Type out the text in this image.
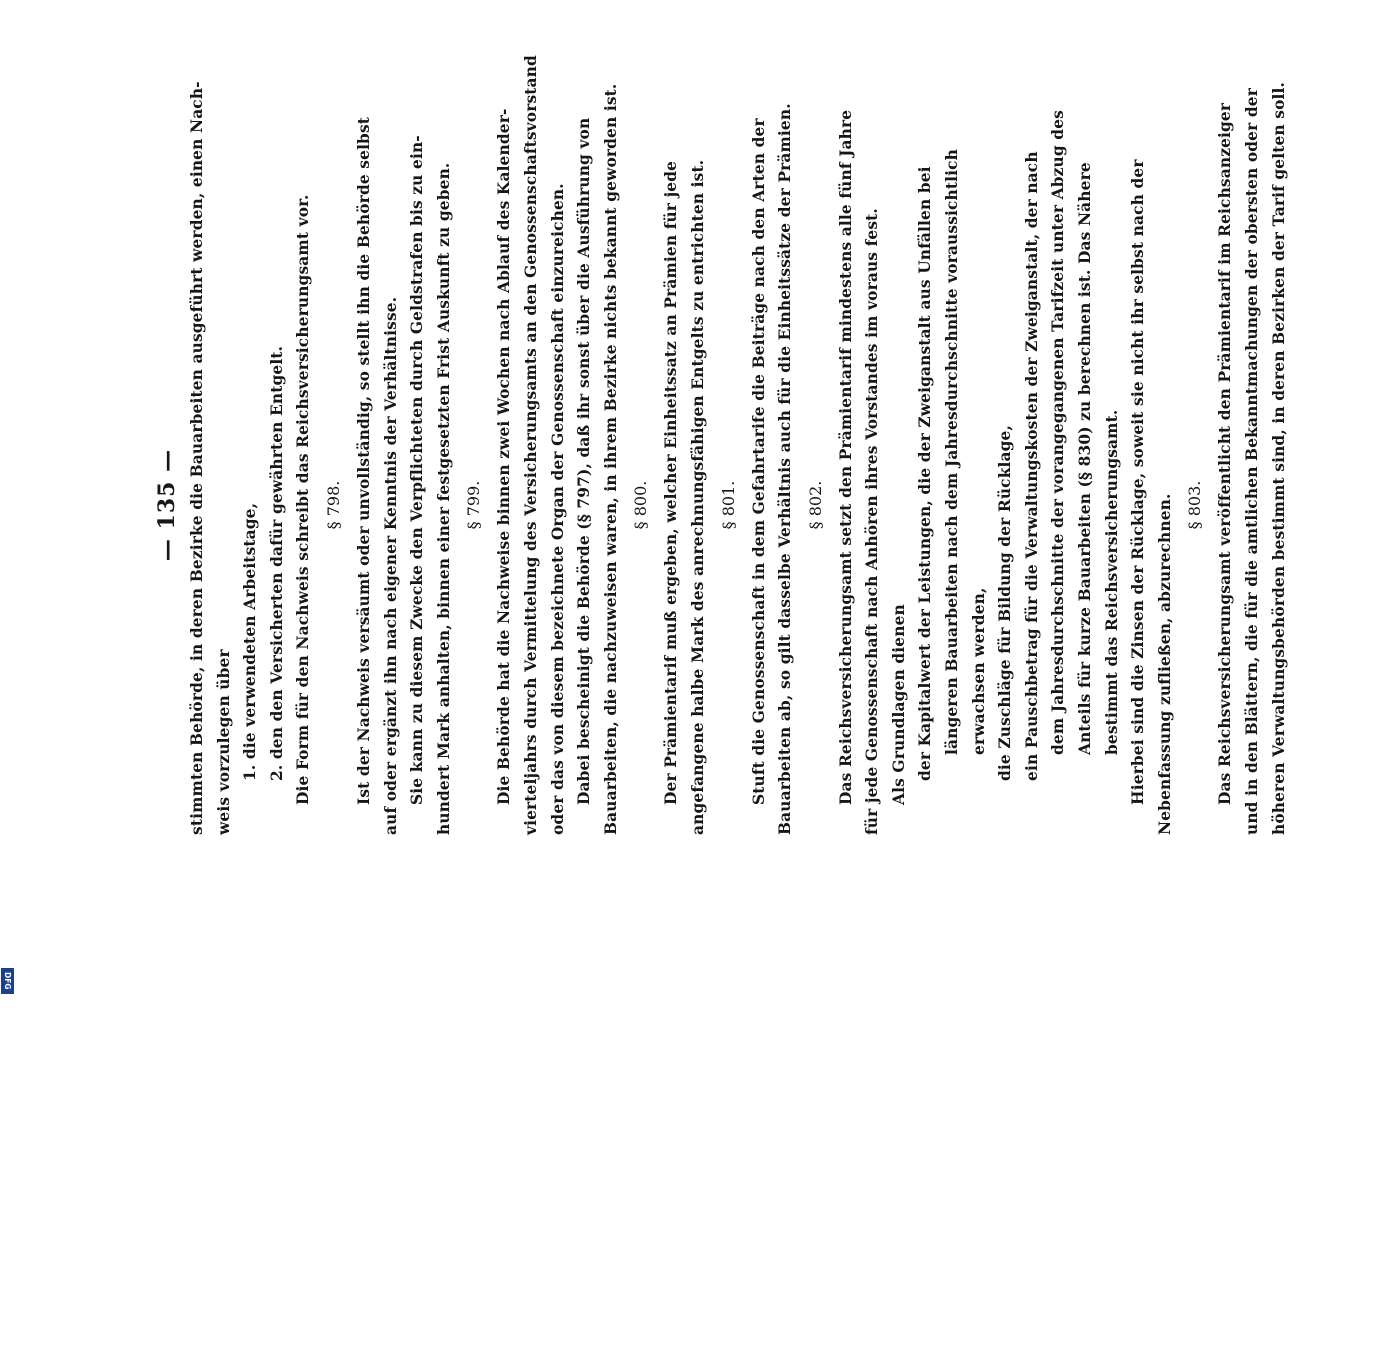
— 135 — stimmten Behörde, in deren Bezirke die Bauarbeiten ausgeführt werden, einen Nach- weis vorzulegen über 1. die verwendeten Arbeitstage, 2. den den Versicherten dafür gewährten Entgelt. Die Form für den Nachweis schreibt das Reichsversicherungsamt vor. § 798. Ist der Nachweis versäumt oder unvollständig, so stellt ihn die Behörde selbst auf oder ergänzt ihn nach eigener Kenntnis der Verhältnisse. Sie kann zu diesem Zwecke den Verpflichteten durch Geldstrafen bis zu ein- hundert Mark anhalten, binnen einer festgesetzten Frist Auskunft zu geben. § 799. Die Behörde hat die Nachweise binnen zwei Wochen nach Ablauf des Kalender- vierteljahrs durch Vermittelung des Versicherungsamts an den Genossenschaftsvorstand oder das von diesem bezeichnete Organ der Genossenschaft einzureichen. Dabei bescheinigt die Behörde (§ 797), daß ihr sonst über die Ausführung von Bauarbeiten, die nachzuweisen waren, in ihrem Bezirke nichts bekannt geworden ist. § 800. Der Prämientarif muß ergeben, welcher Einheitssatz an Prämien für jede angefangene halbe Mark des anrechnungsfähigen Entgelts zu entrichten ist. § 801. Stuft die Genossenschaft in dem Gefahrtarife die Beiträge nach den Arten der Bauarbeiten ab, so gilt dasselbe Verhältnis auch für die Einheitssätze der Prämien. § 802. Das Reichsversicherungsamt setzt den Prämientarif mindestens alle fünf Jahre für jede Genossenschaft nach Anhören ihres Vorstandes im voraus fest. Als Grundlagen dienen der Kapitalwert der Leistungen, die der Zweiganstalt aus Unfällen bei längeren Bauarbeiten nach dem Jahresdurchschnitte voraussichtlich erwachsen werden, die Zuschläge für Bildung der Rücklage, ein Pauschbetrag für die Verwaltungskosten der Zweiganstalt, der nach dem Jahresdurchschnitte der vorangegangenen Tarifzeit unter Abzug des Anteils für kurze Bauarbeiten (§ 830) zu berechnen ist. Das Nähere bestimmt das Reichsversicherungsamt. Hierbei sind die Zinsen der Rücklage, soweit sie nicht ihr selbst nach der Nebenfassung zufließen, abzurechnen. § 803. Das Reichsversicherungsamt veröffentlicht den Prämientarif im Reichsanzeiger und in den Blättern, die für die amtlichen Bekanntmachungen der obersten oder der höheren Verwaltungsbehörden bestimmt sind, in deren Bezirken der Tarif gelten soll.
DFG
